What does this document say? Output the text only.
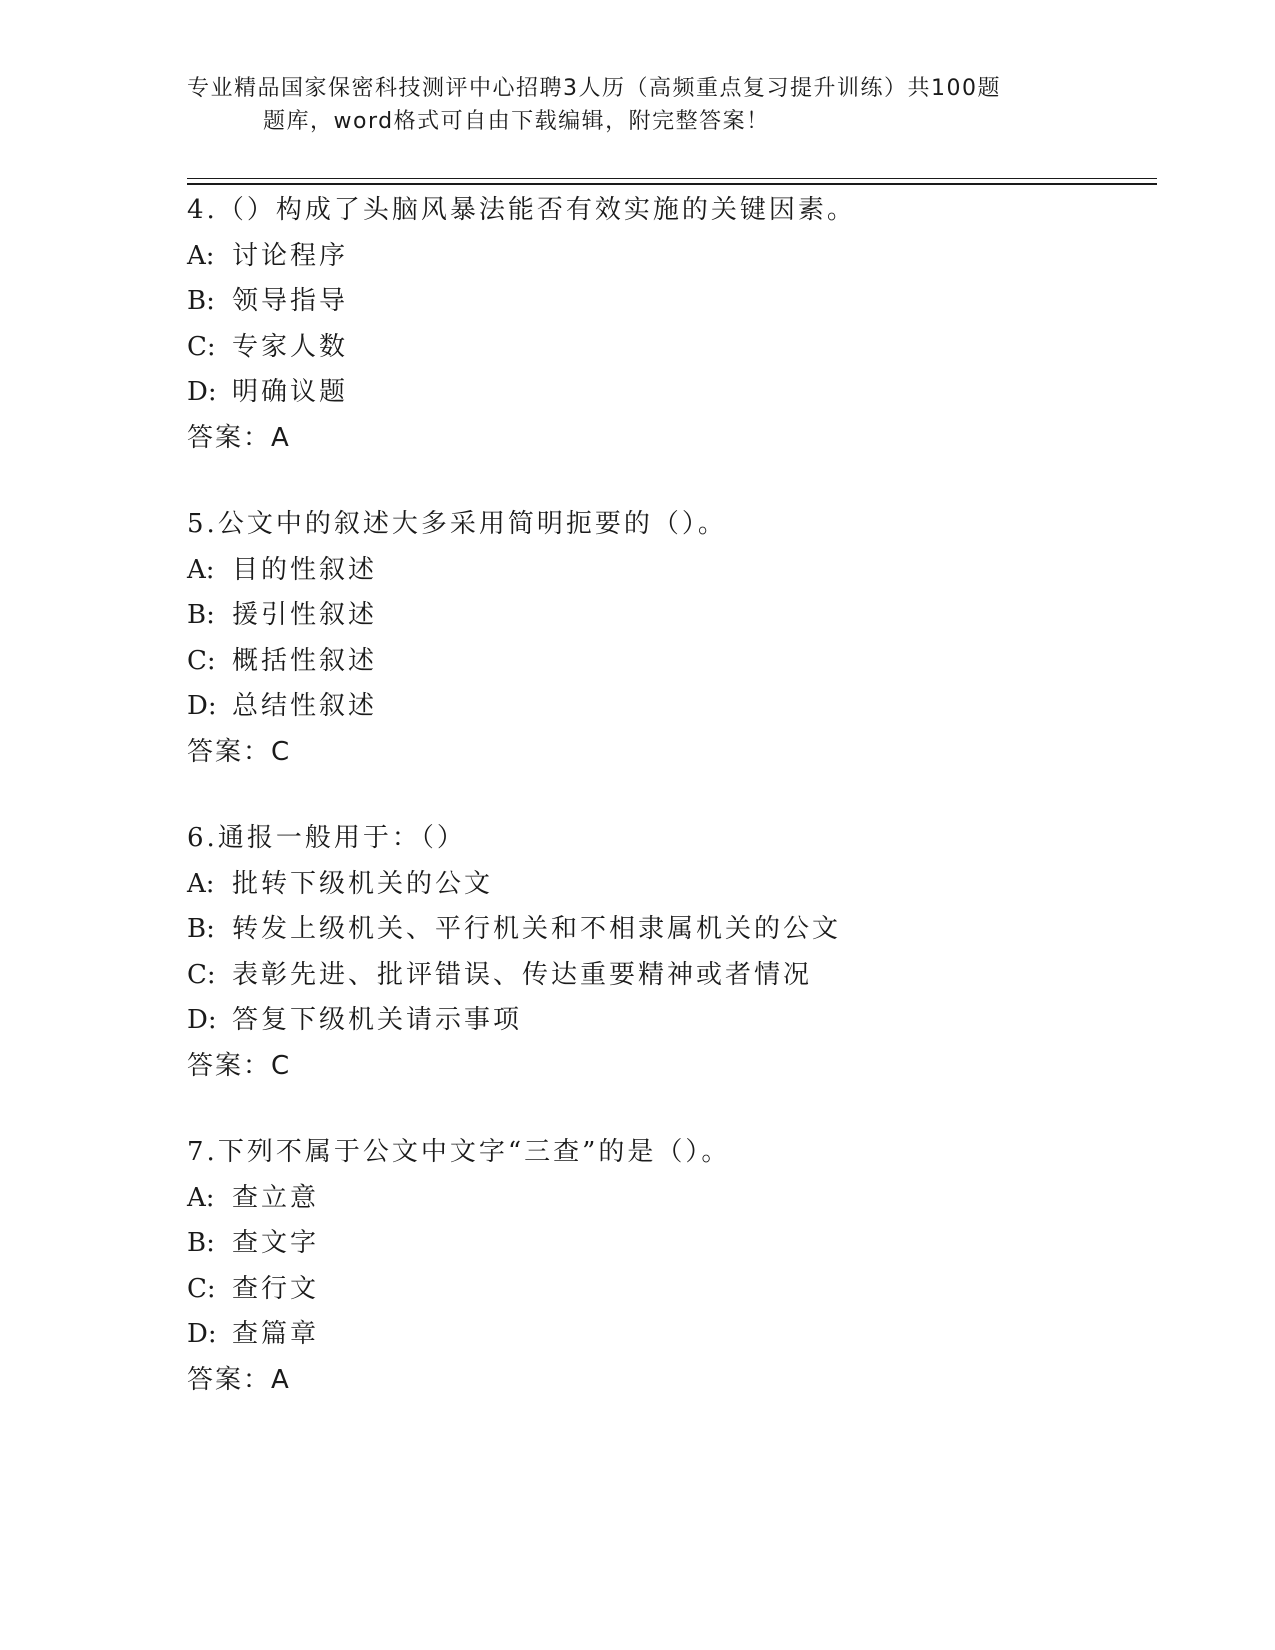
专业精品国家保密科技测评中心招聘3人历（高频重点复习提升训练）共100题
题库，word格式可自由下载编辑，附完整答案！
4.（）构成了头脑风暴法能否有效实施的关键因素。
A: 讨论程序
B: 领导指导
C: 专家人数
D: 明确议题
答案：A
5.公文中的叙述大多采用简明扼要的（）。
A: 目的性叙述
B: 援引性叙述
C: 概括性叙述
D: 总结性叙述
答案：C
6.通报一般用于：（）
A: 批转下级机关的公文
B: 转发上级机关、平行机关和不相隶属机关的公文
C: 表彰先进、批评错误、传达重要精神或者情况
D: 答复下级机关请示事项
答案：C
7.下列不属于公文中文字“三查”的是（）。
A: 查立意
B: 查文字
C: 查行文
D: 查篇章
答案：A
